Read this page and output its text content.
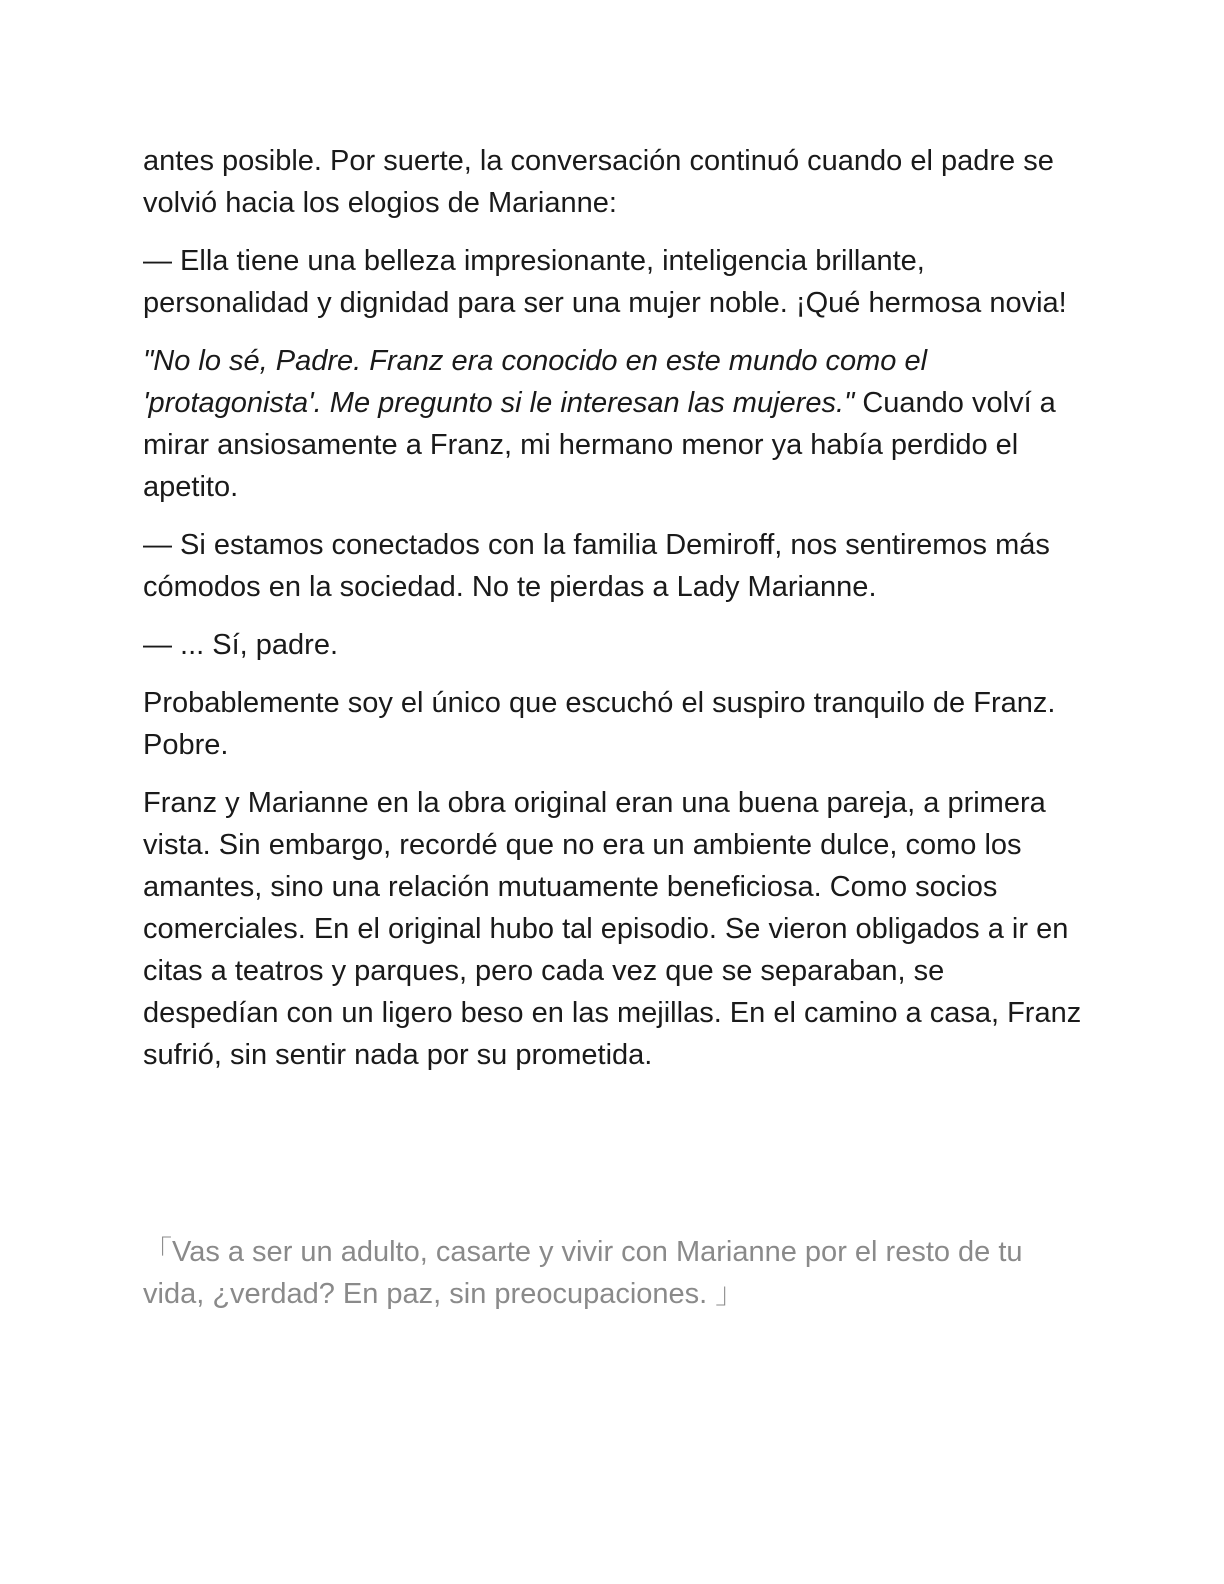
antes posible. Por suerte, la conversación continuó cuando el padre se volvió hacia los elogios de Marianne:

— Ella tiene una belleza impresionante, inteligencia brillante, personalidad y dignidad para ser una mujer noble. ¡Qué hermosa novia!

"No lo sé, Padre. Franz era conocido en este mundo como el 'protagonista'. Me pregunto si le interesan las mujeres." Cuando volví a mirar ansiosamente a Franz, mi hermano menor ya había perdido el apetito.

— Si estamos conectados con la familia Demiroff, nos sentiremos más cómodos en la sociedad. No te pierdas a Lady Marianne.

— ... Sí, padre.

Probablemente soy el único que escuchó el suspiro tranquilo de Franz. Pobre.

Franz y Marianne en la obra original eran una buena pareja, a primera vista. Sin embargo, recordé que no era un ambiente dulce, como los amantes, sino una relación mutuamente beneficiosa. Como socios comerciales. En el original hubo tal episodio. Se vieron obligados a ir en citas a teatros y parques, pero cada vez que se separaban, se despedían con un ligero beso en las mejillas. En el camino a casa, Franz sufrió, sin sentir nada por su prometida.

「Vas a ser un adulto, casarte y vivir con Marianne por el resto de tu vida, ¿verdad? En paz, sin preocupaciones. 」
